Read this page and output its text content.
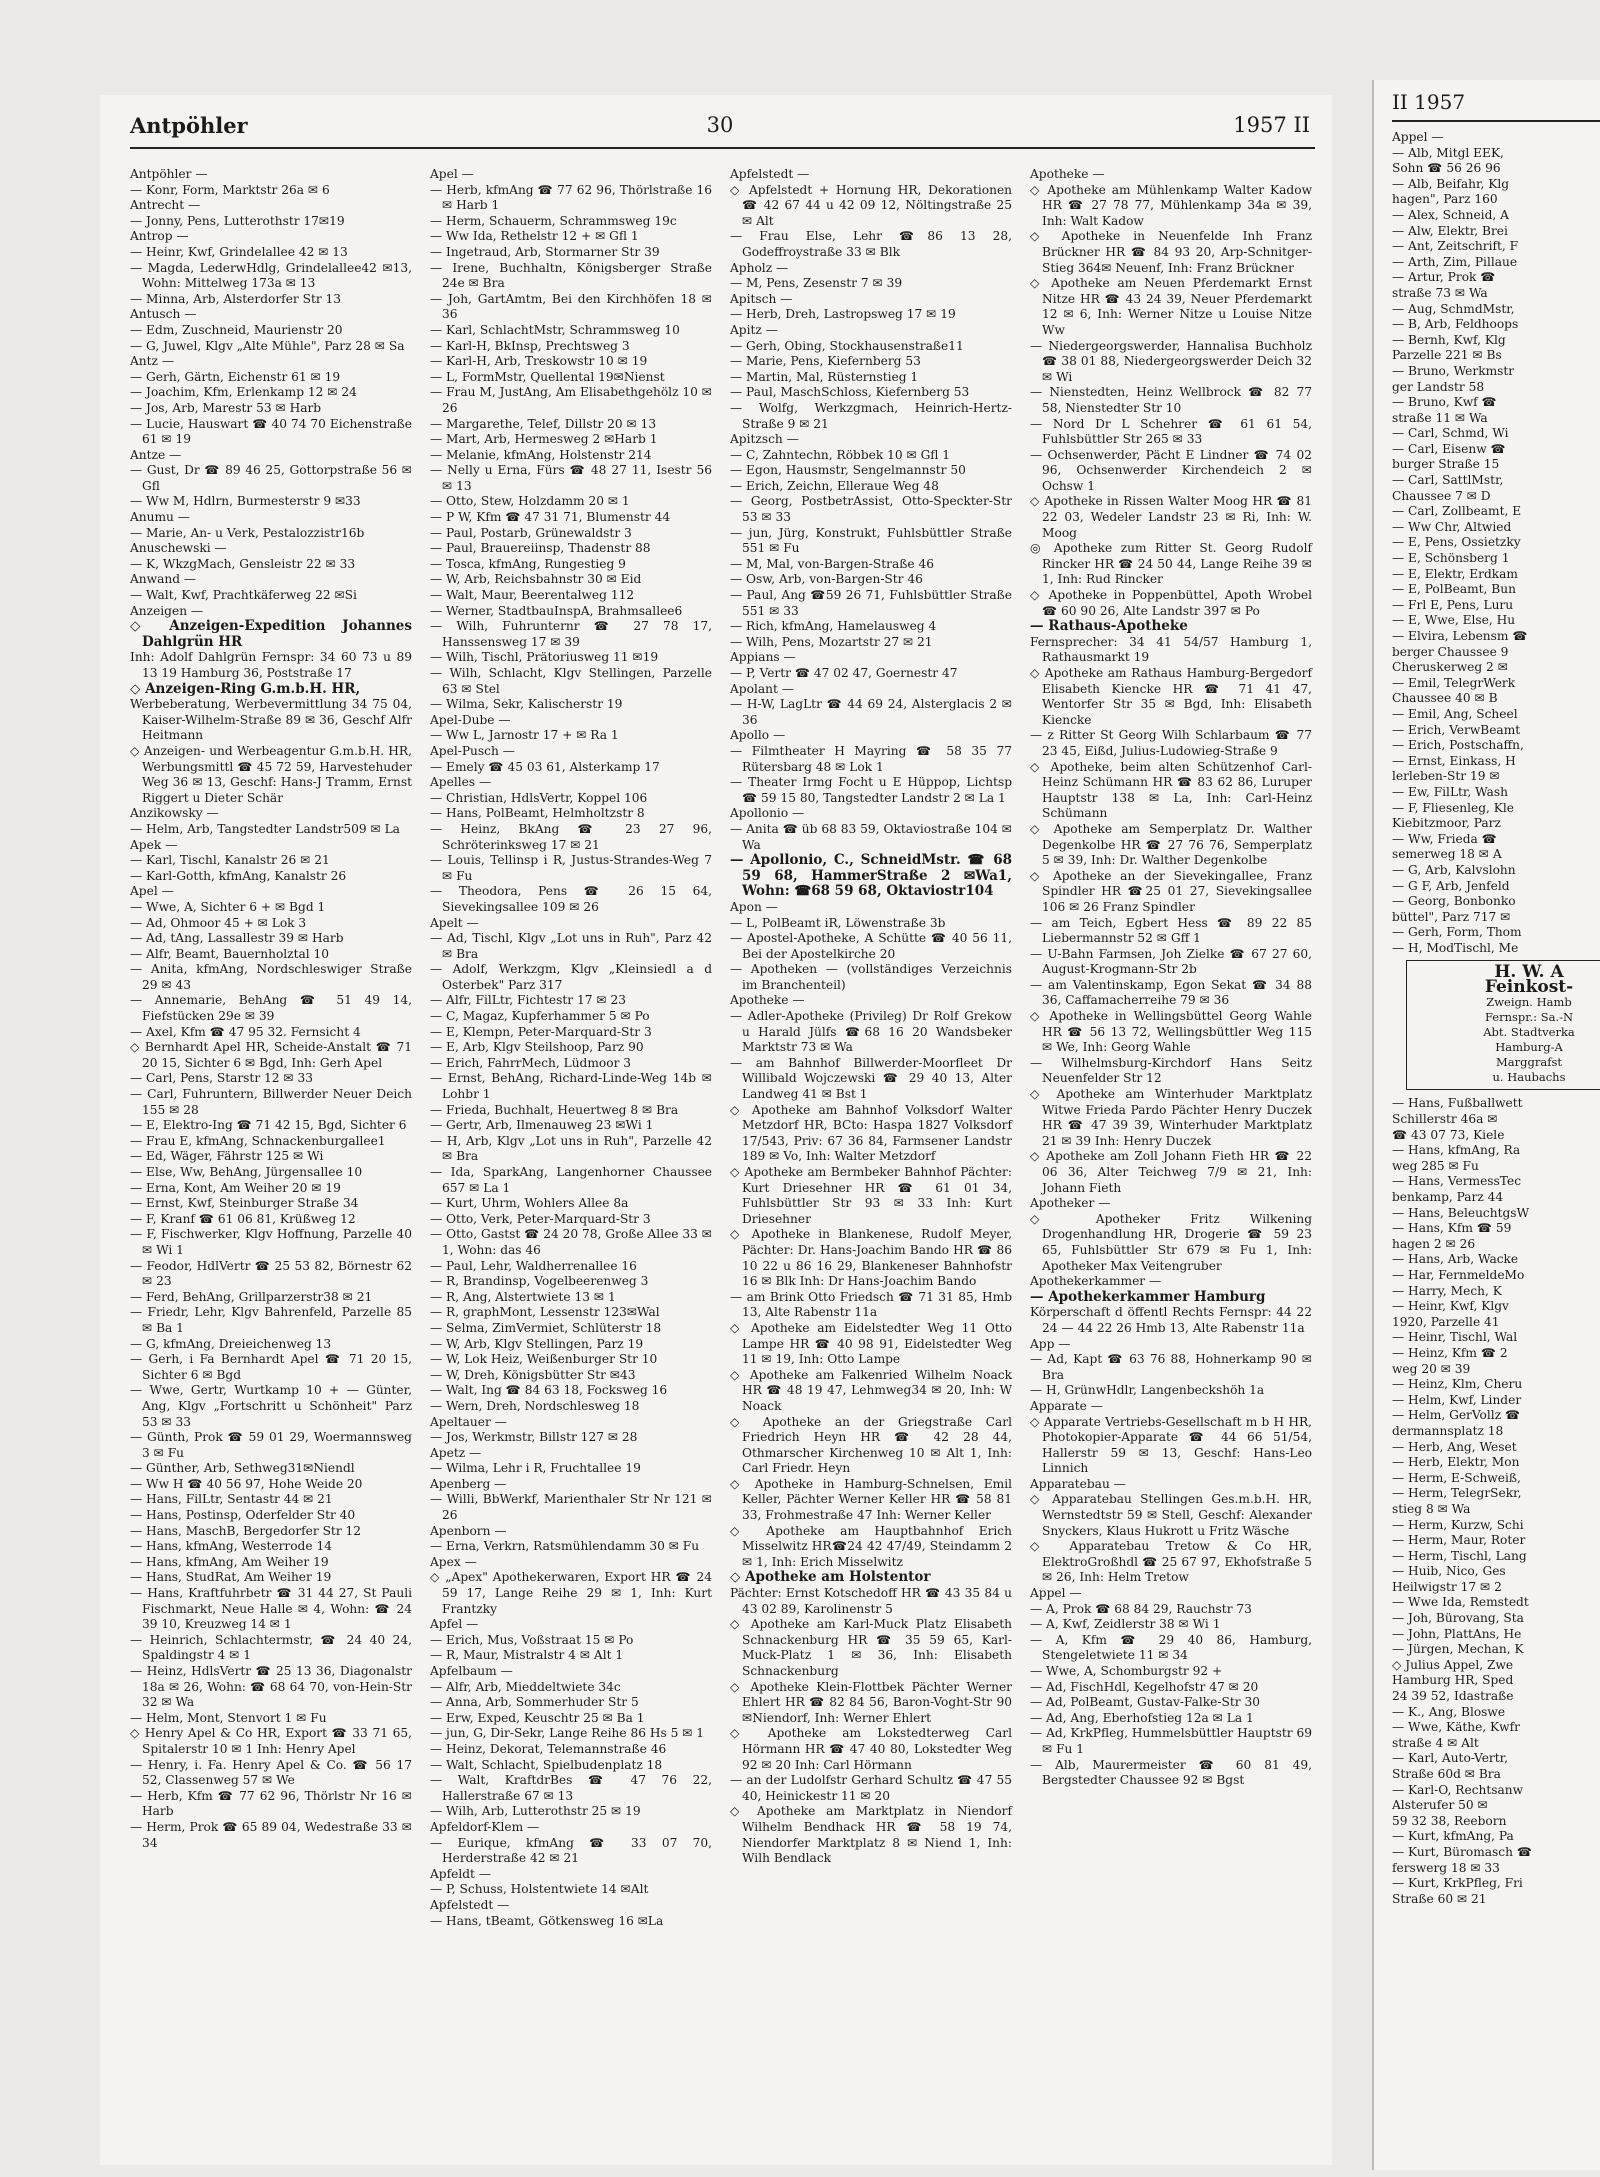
Antpöhler	30	1957 II

Antpöhler —

— Konr, Form, Marktstr 26a ✉ 6

Antrecht —

— Jonny, Pens, Lutterothstr 17✉19

Antrop —

— Heinr, Kwf, Grindelallee 42 ✉ 13

— Magda, LederwHdlg, Grindelallee42 ✉13, Wohn: Mittelweg 173a ✉ 13

— Minna, Arb, Alsterdorfer Str 13

Antusch —

— Edm, Zuschneid, Maurienstr 20

— G, Juwel, Klgv „Alte Mühle", Parz 28 ✉ Sa

Antz —

— Gerh, Gärtn, Eichenstr 61 ✉ 19

— Joachim, Kfm, Erlenkamp 12 ✉ 24

— Jos, Arb, Marestr 53 ✉ Harb

— Lucie, Hauswart ☎ 40 74 70 Eichenstraße 61 ✉ 19

Antze —

— Gust, Dr ☎ 89 46 25, Gottorpstraße 56 ✉ Gfl

— Ww M, Hdlrn, Burmesterstr 9 ✉33

Anumu —

— Marie, An- u Verk, Pestalozzistr16b

Anuschewski —

— K, WkzgMach, Gensleistr 22 ✉ 33

Anwand —

— Walt, Kwf, Prachtkäferweg 22 ✉Si

Anzeigen —

◇ Anzeigen-Expedition Johannes Dahlgrün HR

Inh: Adolf Dahlgrün Fernspr: 34 60 73 u 89 13 19 Hamburg 36, Poststraße 17

◇ Anzeigen-Ring G.m.b.H. HR,

Werbeberatung, Werbevermittlung 34 75 04, Kaiser-Wilhelm-Straße 89 ✉ 36, Geschf Alfr Heitmann

◇ Anzeigen- und Werbeagentur G.m.b.H. HR, Werbungsmittl ☎ 45 72 59, Harvestehuder Weg 36 ✉ 13, Geschf: Hans-J Tramm, Ernst Riggert u Dieter Schär

Anzikowsky —

— Helm, Arb, Tangstedter Landstr509 ✉ La

Apek —

— Karl, Tischl, Kanalstr 26 ✉ 21

— Karl-Gotth, kfmAng, Kanalstr 26

Apel —

— Wwe, A, Sichter 6 + ✉ Bgd 1

— Ad, Ohmoor 45 + ✉ Lok 3

— Ad, tAng, Lassallestr 39 ✉ Harb

— Alfr, Beamt, Bauernholztal 10

— Anita, kfmAng, Nordschleswiger Straße 29 ✉ 43

— Annemarie, BehAng ☎ 51 49 14, Fiefstücken 29e ✉ 39

— Axel, Kfm ☎ 47 95 32. Fernsicht 4

◇ Bernhardt Apel HR, Scheide-Anstalt ☎ 71 20 15, Sichter 6 ✉ Bgd, Inh: Gerh Apel

— Carl, Pens, Starstr 12 ✉ 33

— Carl, Fuhruntern, Billwerder Neuer Deich 155 ✉ 28

— E, Elektro-Ing ☎ 71 42 15, Bgd, Sichter 6

— Frau E, kfmAng, Schnackenburgallee1

— Ed, Wäger, Fährstr 125 ✉ Wi

— Else, Ww, BehAng, Jürgensallee 10

— Erna, Kont, Am Weiher 20 ✉ 19

— Ernst, Kwf, Steinburger Straße 34

— F, Kranf ☎ 61 06 81, Krüßweg 12

— F, Fischwerker, Klgv Hoffnung, Parzelle 40 ✉ Wi 1

— Feodor, HdlVertr ☎ 25 53 82, Börnestr 62 ✉ 23

— Ferd, BehAng, Grillparzerstr38 ✉ 21

— Friedr, Lehr, Klgv Bahrenfeld, Parzelle 85 ✉ Ba 1

— G, kfmAng, Dreieichenweg 13

— Gerh, i Fa Bernhardt Apel ☎ 71 20 15, Sichter 6 ✉ Bgd

— Wwe, Gertr, Wurtkamp 10 + — Günter, Ang, Klgv „Fortschritt u Schönheit" Parz 53 ✉ 33

— Günth, Prok ☎ 59 01 29, Woermannsweg 3 ✉ Fu

— Günther, Arb, Sethweg31✉Niendl

— Ww H ☎ 40 56 97, Hohe Weide 20

— Hans, FilLtr, Sentastr 44 ✉ 21

— Hans, Postinsp, Oderfelder Str 40

— Hans, MaschB, Bergedorfer Str 12

— Hans, kfmAng, Westerrode 14

— Hans, kfmAng, Am Weiher 19

— Hans, StudRat, Am Weiher 19

— Hans, Kraftfuhrbetr ☎ 31 44 27, St Pauli Fischmarkt, Neue Halle ✉ 4, Wohn: ☎ 24 39 10, Kreuzweg 14 ✉ 1

— Heinrich, Schlachtermstr, ☎ 24 40 24, Spaldingstr 4 ✉ 1

— Heinz, HdlsVertr ☎ 25 13 36, Diagonalstr 18a ✉ 26, Wohn: ☎ 68 64 70, von-Hein-Str 32 ✉ Wa

— Helm, Mont, Stenvort 1 ✉ Fu

◇ Henry Apel & Co HR, Export ☎ 33 71 65, Spitalerstr 10 ✉ 1 Inh: Henry Apel

— Henry, i. Fa. Henry Apel & Co. ☎ 56 17 52, Classenweg 57 ✉ We

— Herb, Kfm ☎ 77 62 96, Thörlstr Nr 16 ✉ Harb

— Herm, Prok ☎ 65 89 04, Wedestraße 33 ✉ 34

Apel —

— Herb, kfmAng ☎ 77 62 96, Thörlstraße 16 ✉ Harb 1

— Herm, Schauerm, Schrammsweg 19c

— Ww Ida, Rethelstr 12 + ✉ Gfl 1

— Ingetraud, Arb, Stormarner Str 39

— Irene, Buchhaltn, Königsberger Straße 24e ✉ Bra

— Joh, GartAmtm, Bei den Kirchhöfen 18 ✉ 36

— Karl, SchlachtMstr, Schrammsweg 10

— Karl-H, BkInsp, Prechtsweg 3

— Karl-H, Arb, Treskowstr 10 ✉ 19

— L, FormMstr, Quellental 19✉Nienst

— Frau M, JustAng, Am Elisabethgehölz 10 ✉ 26

— Margarethe, Telef, Dillstr 20 ✉ 13

— Mart, Arb, Hermesweg 2 ✉Harb 1

— Melanie, kfmAng, Holstenstr 214

— Nelly u Erna, Fürs ☎ 48 27 11, Isestr 56 ✉ 13

— Otto, Stew, Holzdamm 20 ✉ 1

— P W, Kfm ☎ 47 31 71, Blumenstr 44

— Paul, Postarb, Grünewaldstr 3

— Paul, Brauereiinsp, Thadenstr 88

— Tosca, kfmAng, Rungestieg 9

— W, Arb, Reichsbahnstr 30 ✉ Eid

— Walt, Maur, Beerentalweg 112

— Werner, StadtbauInspA, Brahmsallee6

— Wilh, Fuhrunternr ☎ 27 78 17, Hanssensweg 17 ✉ 39

— Wilh, Tischl, Prätoriusweg 11 ✉19

— Wilh, Schlacht, Klgv Stellingen, Parzelle 63 ✉ Stel

— Wilma, Sekr, Kalischerstr 19

Apel-Dube —

— Ww L, Jarnostr 17 + ✉ Ra 1

Apel-Pusch —

— Emely ☎ 45 03 61, Alsterkamp 17

Apelles —

— Christian, HdlsVertr, Koppel 106

— Hans, PolBeamt, Helmholtzstr 8

— Heinz, BkAng ☎ 23 27 96, Schröterinksweg 17 ✉ 21

— Louis, Tellinsp i R, Justus-Strandes-Weg 7 ✉ Fu

— Theodora, Pens ☎ 26 15 64, Sievekingsallee 109 ✉ 26

Apelt —

— Ad, Tischl, Klgv „Lot uns in Ruh", Parz 42 ✉ Bra

— Adolf, Werkzgm, Klgv „Kleinsiedl a d Osterbek" Parz 317

— Alfr, FilLtr, Fichtestr 17 ✉ 23

— C, Magaz, Kupferhammer 5 ✉ Po

— E, Klempn, Peter-Marquard-Str 3

— E, Arb, Klgv Steilshoop, Parz 90

— Erich, FahrrMech, Lüdmoor 3

— Ernst, BehAng, Richard-Linde-Weg 14b ✉ Lohbr 1

— Frieda, Buchhalt, Heuertweg 8 ✉ Bra

— Gertr, Arb, Ilmenauweg 23 ✉Wi 1

— H, Arb, Klgv „Lot uns in Ruh", Parzelle 42 ✉ Bra

— Ida, SparkAng, Langenhorner Chaussee 657 ✉ La 1

— Kurt, Uhrm, Wohlers Allee 8a

— Otto, Verk, Peter-Marquard-Str 3

— Otto, Gastst ☎ 24 20 78, Große Allee 33 ✉ 1, Wohn: das 46

— Paul, Lehr, Waldherrenallee 16

— R, Brandinsp, Vogelbeerenweg 3

— R, Ang, Alstertwiete 13 ✉ 1

— R, graphMont, Lessenstr 123✉Wal

— Selma, ZimVermiet, Schlüterstr 18

— W, Arb, Klgv Stellingen, Parz 19

— W, Lok Heiz, Weißenburger Str 10

— W, Dreh, Königsbütter Str ✉43

— Walt, Ing ☎ 84 63 18, Focksweg 16

— Wern, Dreh, Nordschlesweg 18

Apeltauer —

— Jos, Werkmstr, Billstr 127 ✉ 28

Apetz —

— Wilma, Lehr i R, Fruchtallee 19

Apenberg —

— Willi, BbWerkf, Marienthaler Str Nr 121 ✉ 26

Apenborn —

— Erna, Verkrn, Ratsmühlendamm 30 ✉ Fu

Apex —

◇ „Apex" Apothekerwaren, Export HR ☎ 24 59 17, Lange Reihe 29 ✉ 1, Inh: Kurt Frantzky

Apfel —

— Erich, Mus, Voßstraat 15 ✉ Po

— R, Maur, Mistralstr 4 ✉ Alt 1

Apfelbaum —

— Alfr, Arb, Mieddeltwiete 34c

— Anna, Arb, Sommerhuder Str 5

— Erw, Exped, Keuschtr 25 ✉ Ba 1

— jun, G, Dir-Sekr, Lange Reihe 86 Hs 5 ✉ 1

— Heinz, Dekorat, Telemannstraße 46

— Walt, Schlacht, Spielbudenplatz 18

— Walt, KraftdrBes ☎ 47 76 22, Hallerstraße 67 ✉ 13

— Wilh, Arb, Lutterothstr 25 ✉ 19

Apfeldorf-Klem —

— Eurique, kfmAng ☎ 33 07 70, Herderstraße 42 ✉ 21

Apfeldt —

— P, Schuss, Holstentwiete 14 ✉Alt

Apfelstedt —

— Hans, tBeamt, Götkensweg 16 ✉La

Apfelstedt —

◇ Apfelstedt + Hornung HR, Dekorationen ☎ 42 67 44 u 42 09 12, Nöltingstraße 25 ✉ Alt

— Frau Else, Lehr ☎86 13 28, Godeffroystraße 33 ✉ Blk

Apholz —

— M, Pens, Zesenstr 7 ✉ 39

Apitsch —

— Herb, Dreh, Lastropsweg 17 ✉ 19

Apitz —

— Gerh, Obing, Stockhausenstraße11

— Marie, Pens, Kiefernberg 53

— Martin, Mal, Rüsternstieg 1

— Paul, MaschSchloss, Kiefernberg 53

— Wolfg, Werkzgmach, Heinrich-Hertz-Straße 9 ✉ 21

Apitzsch —

— C, Zahntechn, Röbbek 10 ✉ Gfl 1

— Egon, Hausmstr, Sengelmannstr 50

— Erich, Zeichn, Elleraue Weg 48

— Georg, PostbetrAssist, Otto-Speckter-Str 53 ✉ 33

— jun, Jürg, Konstrukt, Fuhlsbüttler Straße 551 ✉ Fu

— M, Mal, von-Bargen-Straße 46

— Osw, Arb, von-Bargen-Str 46

— Paul, Ang ☎59 26 71, Fuhlsbüttler Straße 551 ✉ 33

— Rich, kfmAng, Hamelausweg 4

— Wilh, Pens, Mozartstr 27 ✉ 21

Appians —

— P, Vertr ☎ 47 02 47, Goernestr 47

Apolant —

— H-W, LagLtr ☎ 44 69 24, Alsterglacis 2 ✉ 36

Apollo —

— Filmtheater H Mayring ☎ 58 35 77 Rütersbarg 48 ✉ Lok 1

— Theater Irmg Focht u E Hüppop, Lichtsp ☎ 59 15 80, Tangstedter Landstr 2 ✉ La 1

Apollonio —

— Anita ☎ üb 68 83 59, Oktaviostraße 104 ✉ Wa

— Apollonio, C., SchneidMstr. ☎ 68 59 68, HammerStraße 2 ✉Wa1, Wohn: ☎68 59 68, Oktaviostr104

Apon —

— L, PolBeamt iR, Löwenstraße 3b

— Apostel-Apotheke, A Schütte ☎ 40 56 11, Bei der Apostelkirche 20

— Apotheken — (vollständiges Verzeichnis im Branchenteil)

Apotheke —

— Adler-Apotheke (Privileg) Dr Rolf Grekow u Harald Jülfs ☎68 16 20 Wandsbeker Marktstr 73 ✉ Wa

— am Bahnhof Billwerder-Moorfleet Dr Willibald Wojczewski ☎ 29 40 13, Alter Landweg 41 ✉ Bst 1

◇ Apotheke am Bahnhof Volksdorf Walter Metzdorf HR, BCto: Haspa 1827 Volksdorf 17/543, Priv: 67 36 84, Farmsener Landstr 189 ✉ Vo, Inh: Walter Metzdorf

◇ Apotheke am Bermbeker Bahnhof Pächter: Kurt Driesehner HR ☎ 61 01 34, Fuhlsbüttler Str 93 ✉ 33 Inh: Kurt Driesehner

◇ Apotheke in Blankenese, Rudolf Meyer, Pächter: Dr. Hans-Joachim Bando HR ☎ 86 10 22 u 86 16 29, Blankeneser Bahnhofstr 16 ✉ Blk Inh: Dr Hans-Joachim Bando

— am Brink Otto Friedsch ☎ 71 31 85, Hmb 13, Alte Rabenstr 11a

◇ Apotheke am Eidelstedter Weg 11 Otto Lampe HR ☎ 40 98 91, Eidelstedter Weg 11 ✉ 19, Inh: Otto Lampe

◇ Apotheke am Falkenried Wilhelm Noack HR ☎ 48 19 47, Lehmweg34 ✉ 20, Inh: W Noack

◇ Apotheke an der Griegstraße Carl Friedrich Heyn HR ☎ 42 28 44, Othmarscher Kirchenweg 10 ✉ Alt 1, Inh: Carl Friedr. Heyn

◇ Apotheke in Hamburg-Schnelsen, Emil Keller, Pächter Werner Keller HR ☎ 58 81 33, Frohmestraße 47 Inh: Werner Keller

◇ Apotheke am Hauptbahnhof Erich Misselwitz HR☎24 42 47/49, Steindamm 2 ✉ 1, Inh: Erich Misselwitz

◇ Apotheke am Holstentor

Pächter: Ernst Kotschedoff HR ☎ 43 35 84 u 43 02 89, Karolinenstr 5

◇ Apotheke am Karl-Muck Platz Elisabeth Schnackenburg HR ☎ 35 59 65, Karl-Muck-Platz 1 ✉ 36, Inh: Elisabeth Schnackenburg

◇ Apotheke Klein-Flottbek Pächter Werner Ehlert HR ☎ 82 84 56, Baron-Voght-Str 90✉Niendorf, Inh: Werner Ehlert

◇ Apotheke am Lokstedterweg Carl Hörmann HR ☎ 47 40 80, Lokstedter Weg 92 ✉ 20 Inh: Carl Hörmann

— an der Ludolfstr Gerhard Schultz ☎ 47 55 40, Heinickestr 11 ✉ 20

◇ Apotheke am Marktplatz in Niendorf Wilhelm Bendhack HR ☎ 58 19 74, Niendorfer Marktplatz 8 ✉ Niend 1, Inh: Wilh Bendlack

Apotheke —

◇ Apotheke am Mühlenkamp Walter Kadow HR ☎ 27 78 77, Mühlenkamp 34a ✉ 39, Inh: Walt Kadow

◇ Apotheke in Neuenfelde Inh Franz Brückner HR ☎ 84 93 20, Arp-Schnitger-Stieg 364✉ Neuenf, Inh: Franz Brückner

◇ Apotheke am Neuen Pferdemarkt Ernst Nitze HR ☎ 43 24 39, Neuer Pferdemarkt 12 ✉ 6, Inh: Werner Nitze u Louise Nitze Ww

— Niedergeorgswerder, Hannalisa Buchholz ☎ 38 01 88, Niedergeorgswerder Deich 32 ✉ Wi

— Nienstedten, Heinz Wellbrock ☎ 82 77 58, Nienstedter Str 10

— Nord Dr L Schehrer ☎ 61 61 54, Fuhlsbüttler Str 265 ✉ 33

— Ochsenwerder, Pächt E Lindner ☎ 74 02 96, Ochsenwerder Kirchendeich 2 ✉ Ochsw 1

◇ Apotheke in Rissen Walter Moog HR ☎ 81 22 03, Wedeler Landstr 23 ✉ Ri, Inh: W. Moog

◎ Apotheke zum Ritter St. Georg Rudolf Rincker HR ☎ 24 50 44, Lange Reihe 39 ✉ 1, Inh: Rud Rincker

◇ Apotheke in Poppenbüttel, Apoth Wrobel ☎ 60 90 26, Alte Landstr 397 ✉ Po

— Rathaus-Apotheke

Fernsprecher: 34 41 54/57 Hamburg 1, Rathausmarkt 19

◇ Apotheke am Rathaus Hamburg-Bergedorf Elisabeth Kiencke HR ☎ 71 41 47, Wentorfer Str 35 ✉ Bgd, Inh: Elisabeth Kiencke

— z Ritter St Georg Wilh Schlarbaum ☎ 77 23 45, Eißd, Julius-Ludowieg-Straße 9

◇ Apotheke, beim alten Schützenhof Carl-Heinz Schümann HR ☎ 83 62 86, Luruper Hauptstr 138 ✉ La, Inh: Carl-Heinz Schümann

◇ Apotheke am Semperplatz Dr. Walther Degenkolbe HR ☎ 27 76 76, Semperplatz 5 ✉ 39, Inh: Dr. Walther Degenkolbe

◇ Apotheke an der Sievekingallee, Franz Spindler HR ☎25 01 27, Sievekingsallee 106 ✉ 26 Franz Spindler

— am Teich, Egbert Hess ☎ 89 22 85 Liebermannstr 52 ✉ Gff 1

— U-Bahn Farmsen, Joh Zielke ☎ 67 27 60, August-Krogmann-Str 2b

— am Valentinskamp, Egon Sekat ☎ 34 88 36, Caffamacherreihe 79 ✉ 36

◇ Apotheke in Wellingsbüttel Georg Wahle HR ☎ 56 13 72, Wellingsbüttler Weg 115 ✉ We, Inh: Georg Wahle

— Wilhelmsburg-Kirchdorf Hans Seitz Neuenfelder Str 12

◇ Apotheke am Winterhuder Marktplatz Witwe Frieda Pardo Pächter Henry Duczek HR ☎ 47 39 39, Winterhuder Marktplatz 21 ✉ 39 Inh: Henry Duczek

◇ Apotheke am Zoll Johann Fieth HR ☎ 22 06 36, Alter Teichweg 7/9 ✉ 21, Inh: Johann Fieth

Apotheker —

◇ Apotheker Fritz Wilkening Drogenhandlung HR, Drogerie ☎ 59 23 65, Fuhlsbüttler Str 679 ✉ Fu 1, Inh: Apotheker Max Veitengruber

Apothekerkammer —

— Apothekerkammer Hamburg

Körperschaft d öffentl Rechts Fernspr: 44 22 24 — 44 22 26 Hmb 13, Alte Rabenstr 11a

App —

— Ad, Kapt ☎ 63 76 88, Hohnerkamp 90 ✉ Bra

— H, GrünwHdlr, Langenbeckshöh 1a

Apparate —

◇ Apparate Vertriebs-Gesellschaft m b H HR, Photokopier-Apparate ☎ 44 66 51/54, Hallerstr 59 ✉ 13, Geschf: Hans-Leo Linnich

Apparatebau —

◇ Apparatebau Stellingen Ges.m.b.H. HR, Wernstedtstr 59 ✉ Stell, Geschf: Alexander Snyckers, Klaus Hukrott u Fritz Wäsche

◇ Apparatebau Tretow & Co HR, ElektroGroßhdl ☎ 25 67 97, Ekhofstraße 5 ✉ 26, Inh: Helm Tretow

Appel —

— A, Prok ☎ 68 84 29, Rauchstr 73

— A, Kwf, Zeidlerstr 38 ✉ Wi 1

— A, Kfm ☎ 29 40 86, Hamburg, Stengeletwiete 11 ✉ 34

— Wwe, A, Schomburgstr 92 +

— Ad, FischHdl, Kegelhofstr 47 ✉ 20

— Ad, PolBeamt, Gustav-Falke-Str 30

— Ad, Ang, Eberhofstieg 12a ✉ La 1

— Ad, KrkPfleg, Hummelsbüttler Hauptstr 69 ✉ Fu 1

— Alb, Maurermeister ☎ 60 81 49, Bergstedter Chaussee 92 ✉ Bgst

II 1957
Appel —
— Alb, Mitgl EEK,
Sohn ☎ 56 26 96
— Alb, Beifahr, Klg
hagen", Parz 160
— Alex, Schneid, A
— Alw, Elektr, Brei
— Ant, Zeitschrift, F
— Arth, Zim, Pillaue
— Artur, Prok ☎
straße 73 ✉ Wa
— Aug, SchmdMstr,
— B, Arb, Feldhoops
— Bernh, Kwf, Klg
Parzelle 221 ✉ Bs
— Bruno, Werkmstr
ger Landstr 58
— Bruno, Kwf ☎
straße 11 ✉ Wa
— Carl, Schmd, Wi
— Carl, Eisenw ☎
burger Straße 15
— Carl, SattlMstr,
Chaussee 7 ✉ D
— Carl, Zollbeamt, E
— Ww Chr, Altwied
— E, Pens, Ossietzky
— E, Schönsberg 1
— E, Elektr, Erdkam
— E, PolBeamt, Bun
— Frl E, Pens, Luru
— E, Wwe, Else, Hu
— Elvira, Lebensm ☎
berger Chaussee 9
Cheruskerweg 2 ✉
— Emil, TelegrWerk
Chaussee 40 ✉ B
— Emil, Ang, Scheel
— Erich, VerwBeamt
— Erich, Postschaffn,
— Ernst, Einkass, H
lerleben-Str 19 ✉
— Ew, FilLtr, Wash
— F, Fliesenleg, Kle
Kiebitzmoor, Parz
— Ww, Frieda ☎
semerweg 18 ✉ A
— G, Arb, Kalvslohn
— G F, Arb, Jenfeld
— Georg, Bonbonko
büttel", Parz 717 ✉
— Gerh, Form, Thom
— H, ModTischl, Me
H. W. A
Feinkost-
Zweign. Hamb
Fernspr.: Sa.-N
Abt. Stadtverka
Hamburg-A
Marggrafst
u. Haubachs
— Hans, Fußballwett
Schillerstr 46a ✉
☎ 43 07 73, Kiele
— Hans, kfmAng, Ra
weg 285 ✉ Fu
— Hans, VermessTec
benkamp, Parz 44
— Hans, BeleuchtgsW
— Hans, Kfm ☎ 59
hagen 2 ✉ 26
— Hans, Arb, Wacke
— Har, FernmeldeMo
— Harry, Mech, K
— Heinr, Kwf, Klgv
1920, Parzelle 41
— Heinr, Tischl, Wal
— Heinz, Kfm ☎ 2
weg 20 ✉ 39
— Heinz, Klm, Cheru
— Helm, Kwf, Linder
— Helm, GerVollz ☎
dermannsplatz 18
— Herb, Ang, Weset
— Herb, Elektr, Mon
— Herm, E-Schweiß,
— Herm, TelegrSekr,
stieg 8 ✉ Wa
— Herm, Kurzw, Schi
— Herm, Maur, Roter
— Herm, Tischl, Lang
— Huib, Nico, Ges
Heilwigstr 17 ✉ 2
— Wwe Ida, Remstedt
— Joh, Bürovang, Sta
— John, PlattAns, He
— Jürgen, Mechan, K
◇ Julius Appel, Zwe
Hamburg HR, Sped
24 39 52, Idastraße
— K., Ang, Bloswe
— Wwe, Käthe, Kwfr
straße 4 ✉ Alt
— Karl, Auto-Vertr,
Straße 60d ✉ Bra
— Karl-O, Rechtsanw
Alsterufer 50 ✉
59 32 38, Reeborn
— Kurt, kfmAng, Pa
— Kurt, Büromasch ☎
ferswerg 18 ✉ 33
— Kurt, KrkPfleg, Fri
Straße 60 ✉ 21
